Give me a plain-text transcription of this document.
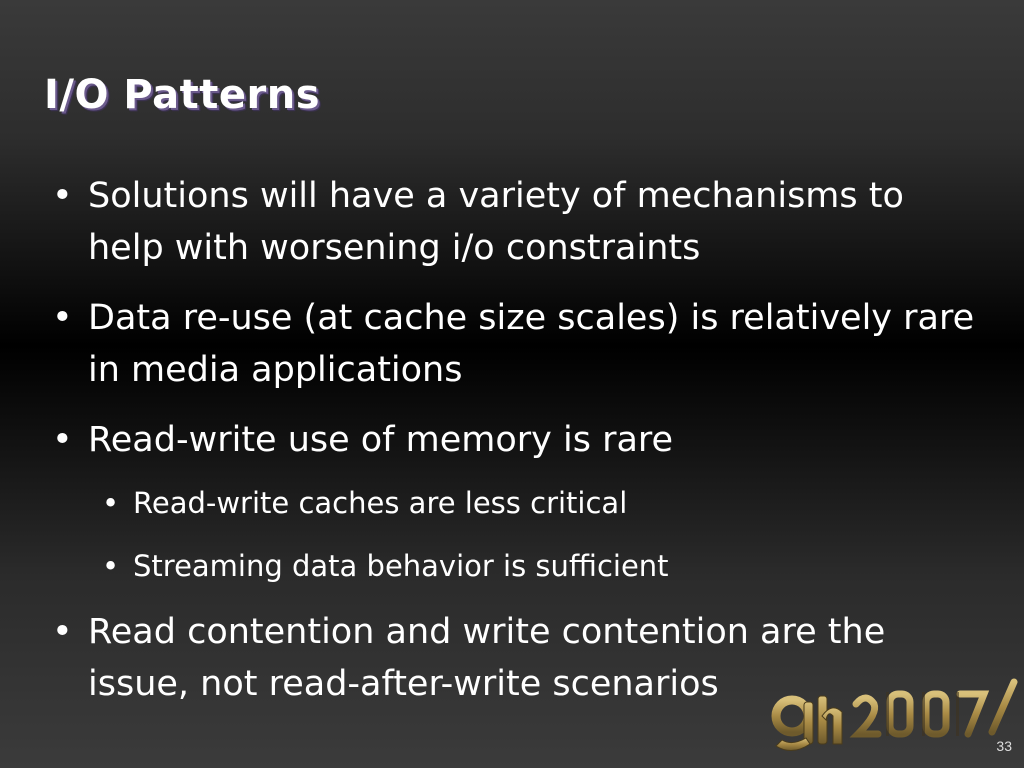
I/O Patterns
• Solutions will have a variety of mechanisms to help with worsening i/o constraints
• Data re-use (at cache size scales) is relatively rare in media applications
• Read-write use of memory is rare
• Read-write caches are less critical
• Streaming data behavior is sufficient
• Read contention and write contention are the issue, not read-after-write scenarios
33
